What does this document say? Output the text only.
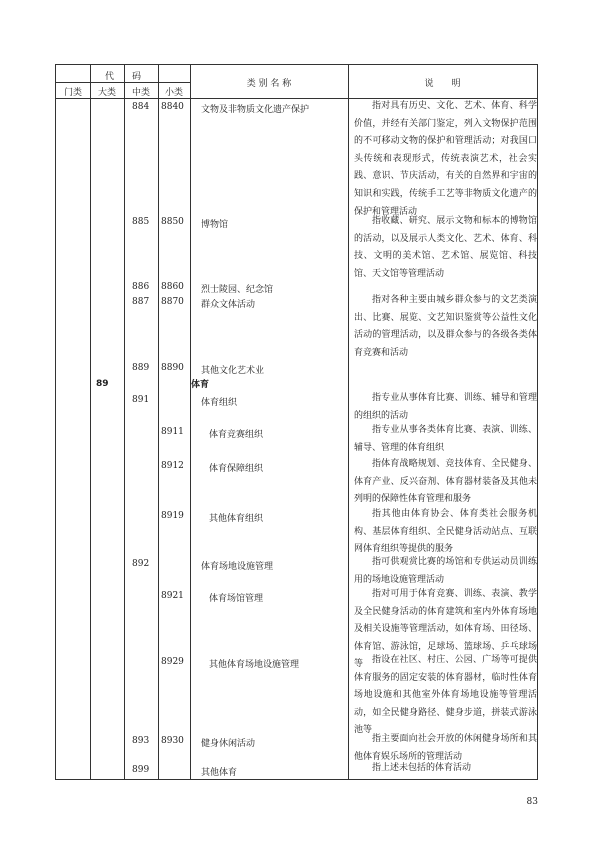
代　　码
门类	大类	中类	小类
类 别 名 称	说　　明
884 8840 文物及非物质文化遗产保护	指对具有历史、文化、艺术、体育、科学价值，并经有关部门鉴定，列入文物保护范围的不可移动文物的保护和管理活动；对我国口头传统和表现形式，传统表演艺术，社会实践、意识、节庆活动，有关的自然界和宇宙的知识和实践，传统手工艺等非物质文化遗产的保护和管理活动
885 8850 博物馆	指收藏、研究、展示文物和标本的博物馆的活动，以及展示人类文化、艺术、体育、科技、文明的美术馆、艺术馆、展览馆、科技馆、天文馆等管理活动
886 8860 烈士陵园、纪念馆
887 8870 群众文体活动	指对各种主要由城乡群众参与的文艺类演出、比赛、展览、文艺知识鉴赏等公益性文化活动的管理活动，以及群众参与的各级各类体育竞赛和活动
889 8890 其他文化艺术业
89	体育
891	体育组织	指专业从事体育比赛、训练、辅导和管理的组织的活动
8911	体育竞赛组织	指专业从事各类体育比赛、表演、训练、辅导、管理的体育组织
8912	体育保障组织	指体育战略规划、竞技体育、全民健身、体育产业、反兴奋剂、体育器材装备及其他未列明的保障性体育管理和服务
8919	其他体育组织	指其他由体育协会、体育类社会服务机构、基层体育组织、全民健身活动站点、互联网体育组织等提供的服务
892	体育场地设施管理	指可供观赏比赛的场馆和专供运动员训练用的场地设施管理活动
8921	体育场馆管理	指对可用于体育竞赛、训练、表演、教学及全民健身活动的体育建筑和室内外体育场地及相关设施等管理活动，如体育场、田径场、体育馆、游泳馆，足球场、篮球场、乒乓球场等
8929	其他体育场地设施管理	指设在社区、村庄、公园、广场等可提供体育服务的固定安装的体育器材，临时性体育场地设施和其他室外体育场地设施等管理活动，如全民健身路径、健身步道，拼装式游泳池等
893 8930 健身休闲活动	指主要面向社会开放的休闲健身场所和其他体育娱乐场所的管理活动
899	其他体育	指上述未包括的体育活动
83
